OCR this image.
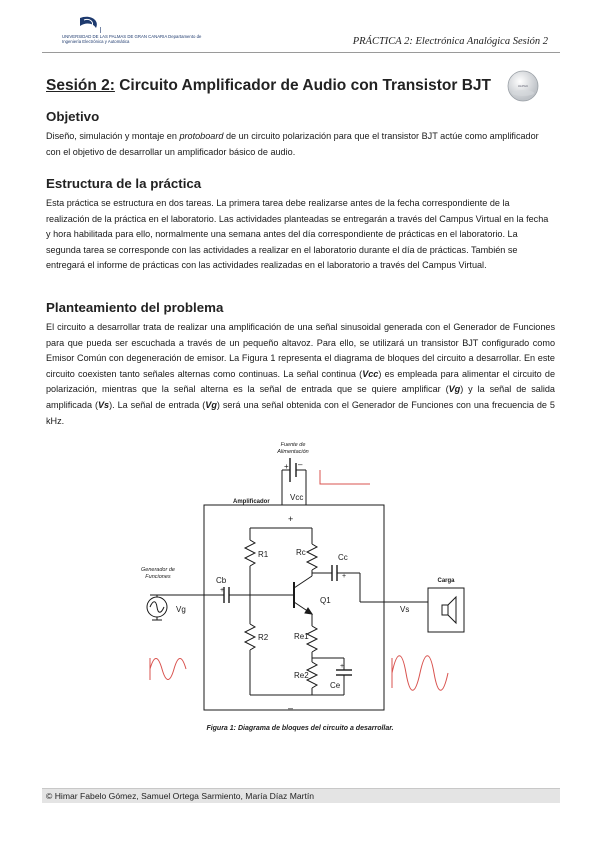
UNIVERSIDAD DE LAS PALMAS DE GRAN CANARIA Departamento de Ingeniería Electrónica y Automática	PRÁCTICA 2: Electrónica Analógica Sesión 2
Sesión 2: Circuito Amplificador de Audio con Transistor BJT	ULPGC
Objetivo

Diseño, simulación y montaje en protoboard de un circuito polarización para que el transistor BJT actúe como amplificador con el objetivo de desarrollar un amplificador básico de audio.

Estructura de la práctica

Esta práctica se estructura en dos tareas. La primera tarea debe realizarse antes de la fecha correspondiente de la realización de la práctica en el laboratorio. Las actividades planteadas se entregarán a través del Campus Virtual en la fecha y hora habilitada para ello, normalmente una semana antes del día correspondiente de prácticas en el laboratorio. La segunda tarea se corresponde con las actividades a realizar en el laboratorio durante el día de prácticas. También se entregará el informe de prácticas con las actividades realizadas en el laboratorio a través del Campus Virtual.

Planteamiento del problema

El circuito a desarrollar trata de realizar una amplificación de una señal sinusoidal generada con el Generador de Funciones para que pueda ser escuchada a través de un pequeño altavoz. Para ello, se utilizará un transistor BJT configurado como Emisor Común con degeneración de emisor. La Figura 1 representa el diagrama de bloques del circuito a desarrollar. En este circuito coexisten tanto señales alternas como continuas. La señal continua (Vcc) es empleada para alimentar el circuito de polarización, mientras que la señal alterna es la señal de entrada que se quiere amplificar (Vg) y la señal de salida amplificada (Vs). La señal de entrada (Vg) será una señal obtenida con el Generador de Funciones con una frecuencia de 5 kHz.

Fuente de
Alimentación
Amplificador	Vcc
+ –
+
–
Generador de
Funciones
Carga
Vg	Vs
R1
R2
Rc
Re1
Re2
Cb
Cc
Ce
Q1
+
+
+
Figura 1: Diagrama de bloques del circuito a desarrollar.
© Himar Fabelo Gómez, Samuel Ortega Sarmiento, María Díaz Martín
